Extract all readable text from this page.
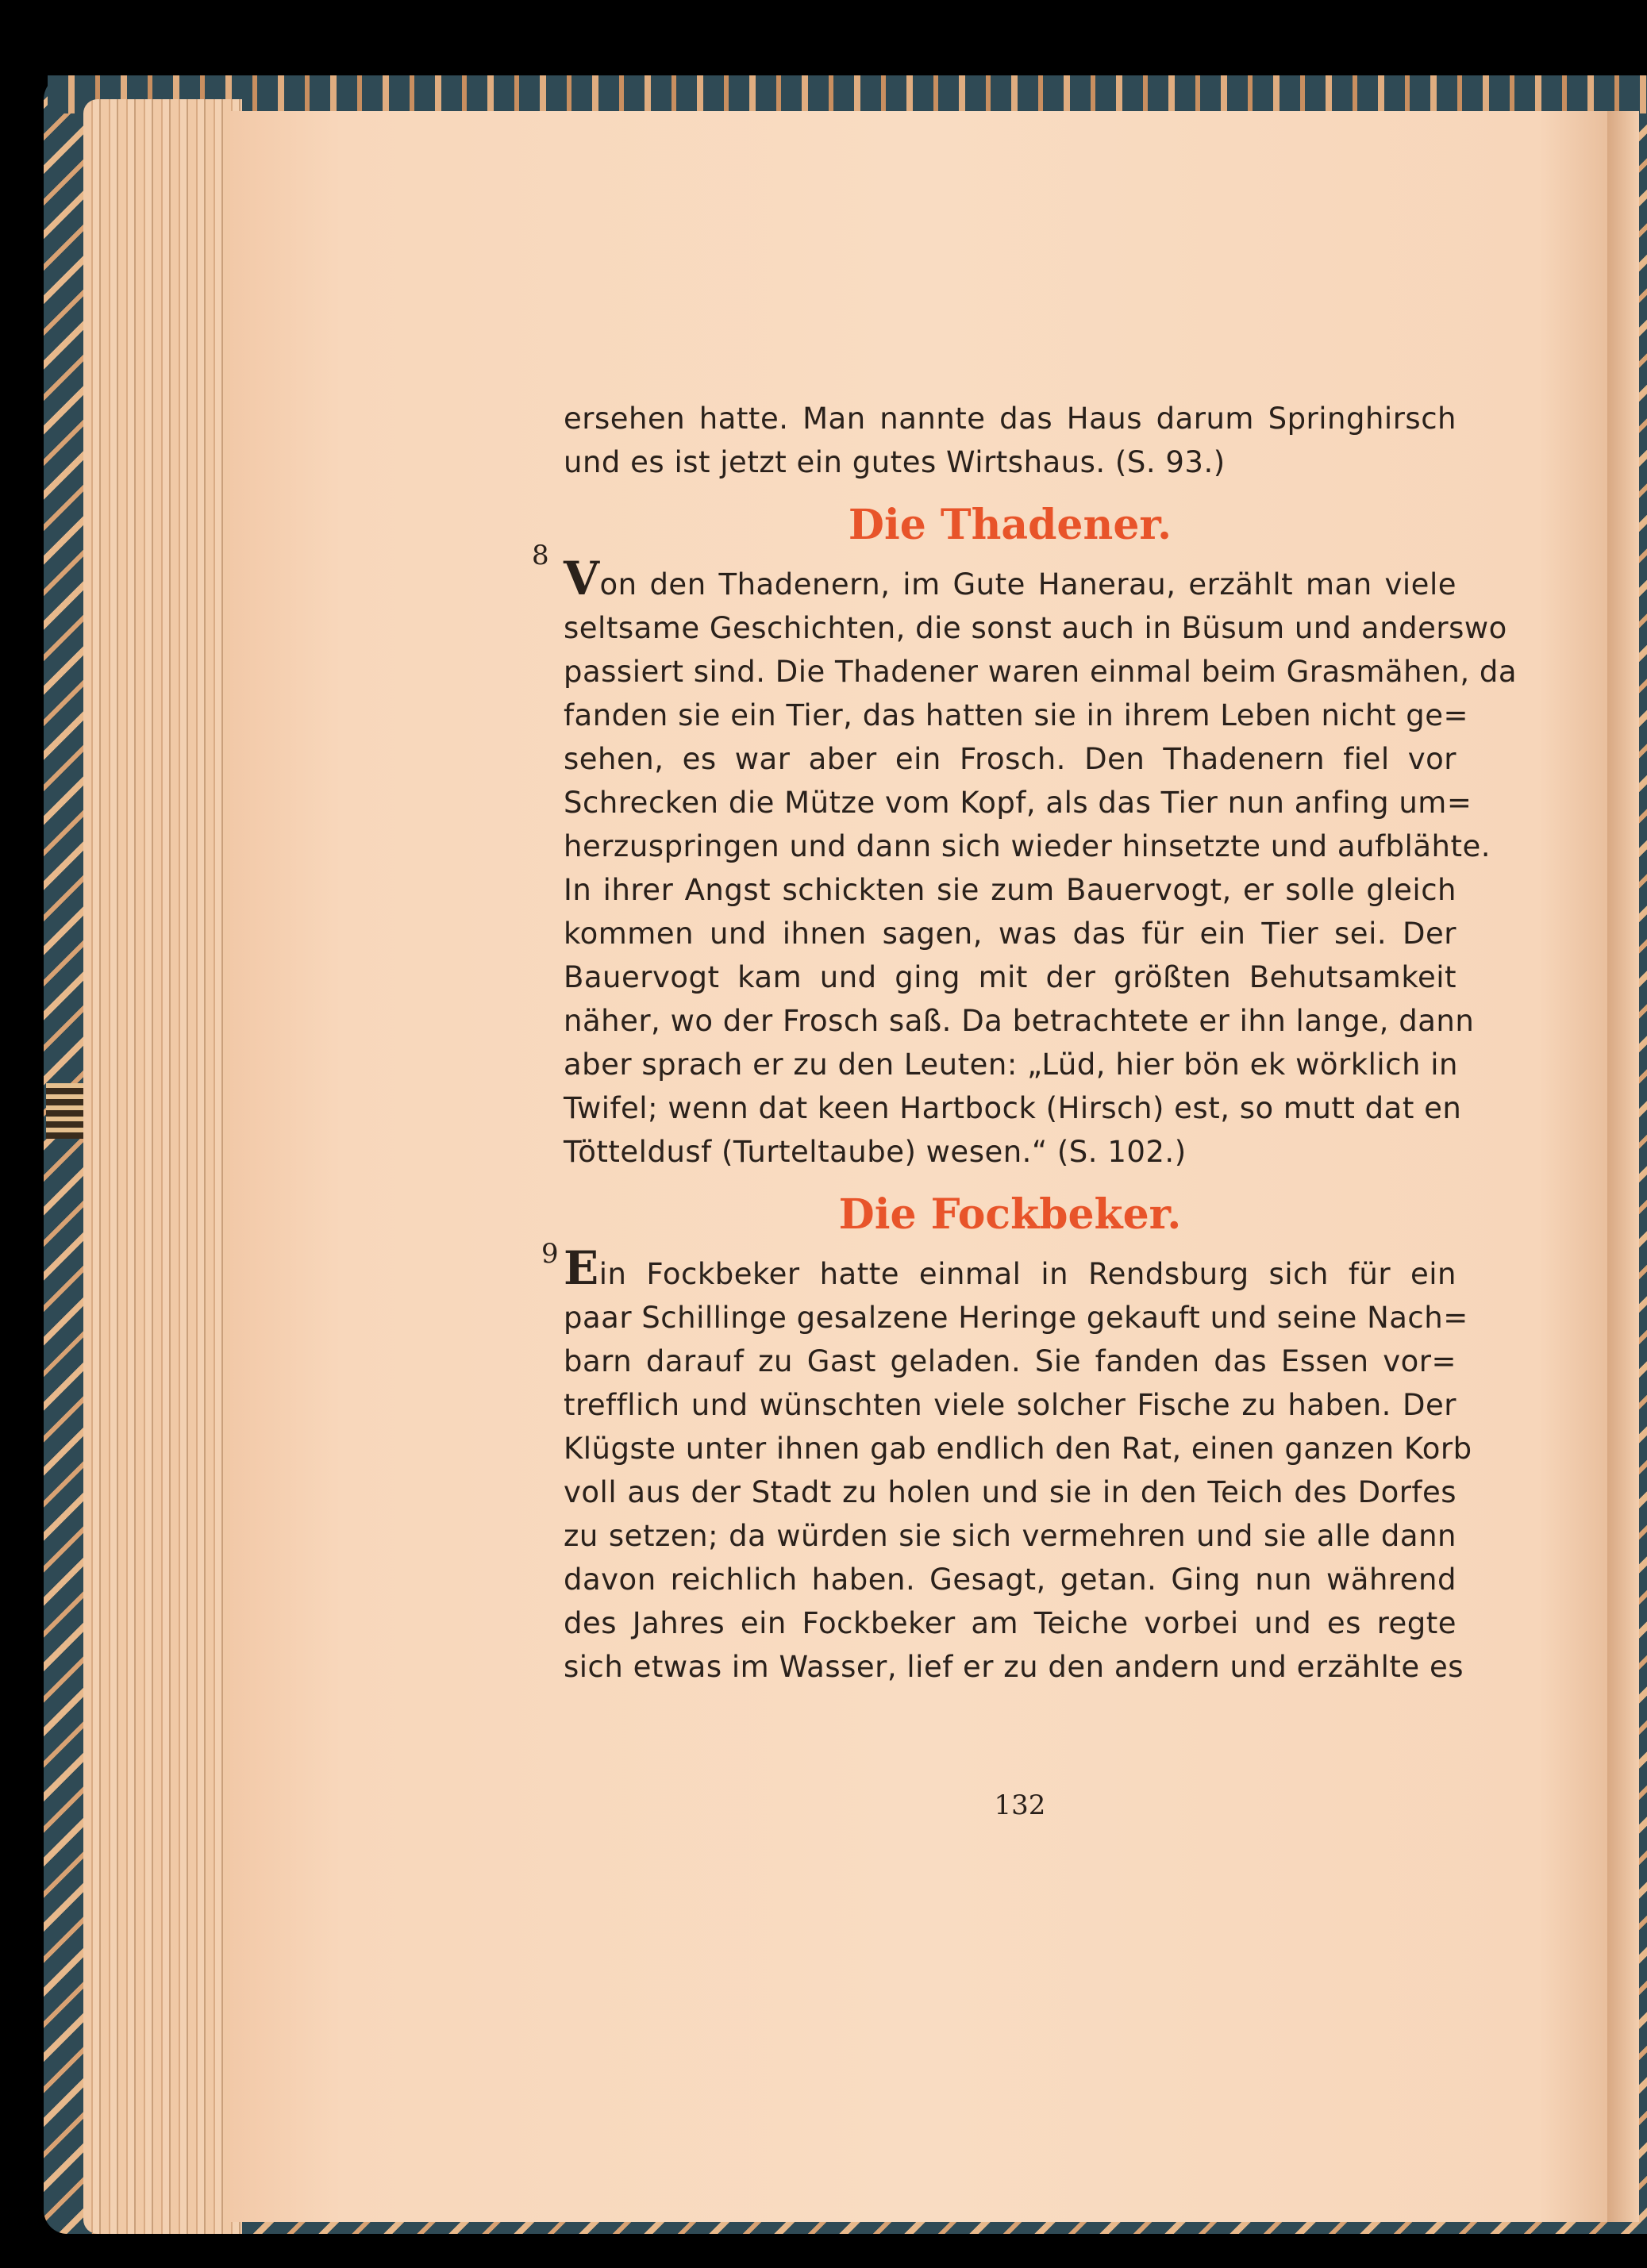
8
9
ersehen hatte. Man nannte das Haus darum Springhirsch
und es ist jetzt ein gutes Wirtshaus. (S. 93.)
Die Thadener.
Von den Thadenern, im Gute Hanerau, erzählt man viele
seltsame Geschichten, die sonst auch in Büsum und anderswo
passiert sind. Die Thadener waren einmal beim Grasmähen, da
fanden sie ein Tier, das hatten sie in ihrem Leben nicht ge=
sehen, es war aber ein Frosch. Den Thadenern fiel vor
Schrecken die Mütze vom Kopf, als das Tier nun anfing um=
herzuspringen und dann sich wieder hinsetzte und aufblähte.
In ihrer Angst schickten sie zum Bauervogt, er solle gleich
kommen und ihnen sagen, was das für ein Tier sei. Der
Bauervogt kam und ging mit der größten Behutsamkeit
näher, wo der Frosch saß. Da betrachtete er ihn lange, dann
aber sprach er zu den Leuten: „Lüd, hier bön ek wörklich in
Twifel; wenn dat keen Hartbock (Hirsch) est, so mutt dat en
Tötteldusf (Turteltaube) wesen.“ (S. 102.)
Die Fockbeker.
Ein Fockbeker hatte einmal in Rendsburg sich für ein
paar Schillinge gesalzene Heringe gekauft und seine Nach=
barn darauf zu Gast geladen. Sie fanden das Essen vor=
trefflich und wünschten viele solcher Fische zu haben. Der
Klügste unter ihnen gab endlich den Rat, einen ganzen Korb
voll aus der Stadt zu holen und sie in den Teich des Dorfes
zu setzen; da würden sie sich vermehren und sie alle dann
davon reichlich haben. Gesagt, getan. Ging nun während
des Jahres ein Fockbeker am Teiche vorbei und es regte
sich etwas im Wasser, lief er zu den andern und erzählte es
132
